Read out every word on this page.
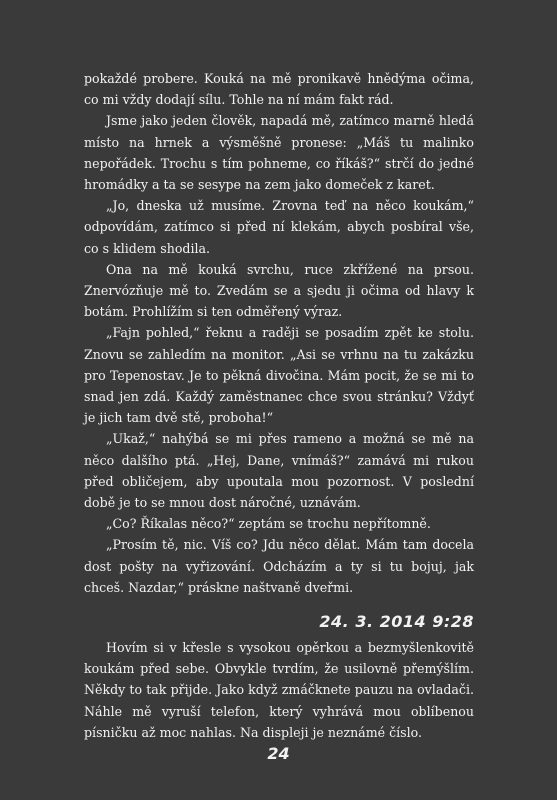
pokaždé probere. Kouká na mě pronikavě hnědýma očima, co mi vždy dodají sílu. Tohle na ní mám fakt rád.

Jsme jako jeden člověk, napadá mě, zatímco marně hledá místo na hrnek a výsměšně pronese: „Máš tu malinko nepořádek. Trochu s tím pohneme, co říkáš?“ strčí do jedné hromádky a ta se sesype na zem jako domeček z karet.

„Jo, dneska už musíme. Zrovna teď na něco koukám,“ odpovídám, zatímco si před ní klekám, abych posbíral vše, co s klidem shodila.

Ona na mě kouká svrchu, ruce zkřížené na prsou. Znervózňuje mě to. Zvedám se a sjedu ji očima od hlavy k botám. Prohlížím si ten odměřený výraz.

„Fajn pohled,“ řeknu a raději se posadím zpět ke stolu. Znovu se zahledím na monitor. „Asi se vrhnu na tu zakázku pro Tepenostav. Je to pěkná divočina. Mám pocit, že se mi to snad jen zdá. Každý zaměstnanec chce svou stránku? Vždyť je jich tam dvě stě, proboha!“

„Ukaž,“ nahýbá se mi přes rameno a možná se mě na něco dalšího ptá. „Hej, Dane, vnímáš?“ zamává mi rukou před obličejem, aby upoutala mou pozornost. V poslední době je to se mnou dost náročné, uznávám.

„Co? Říkalas něco?“ zeptám se trochu nepřítomně.

„Prosím tě, nic. Víš co? Jdu něco dělat. Mám tam docela dost pošty na vyřizování. Odcházím a ty si tu bojuj, jak chceš. Nazdar,“ práskne naštvaně dveřmi.

24. 3. 2014 9:28

Hovím si v křesle s vysokou opěrkou a bezmyšlenkovitě koukám před sebe. Obvykle tvrdím, že usilovně přemýšlím. Někdy to tak přijde. Jako když zmáčknete pauzu na ovladači. Náhle mě vyruší telefon, který vyhrává mou oblíbenou písničku až moc nahlas. Na displeji je neznámé číslo.

24
